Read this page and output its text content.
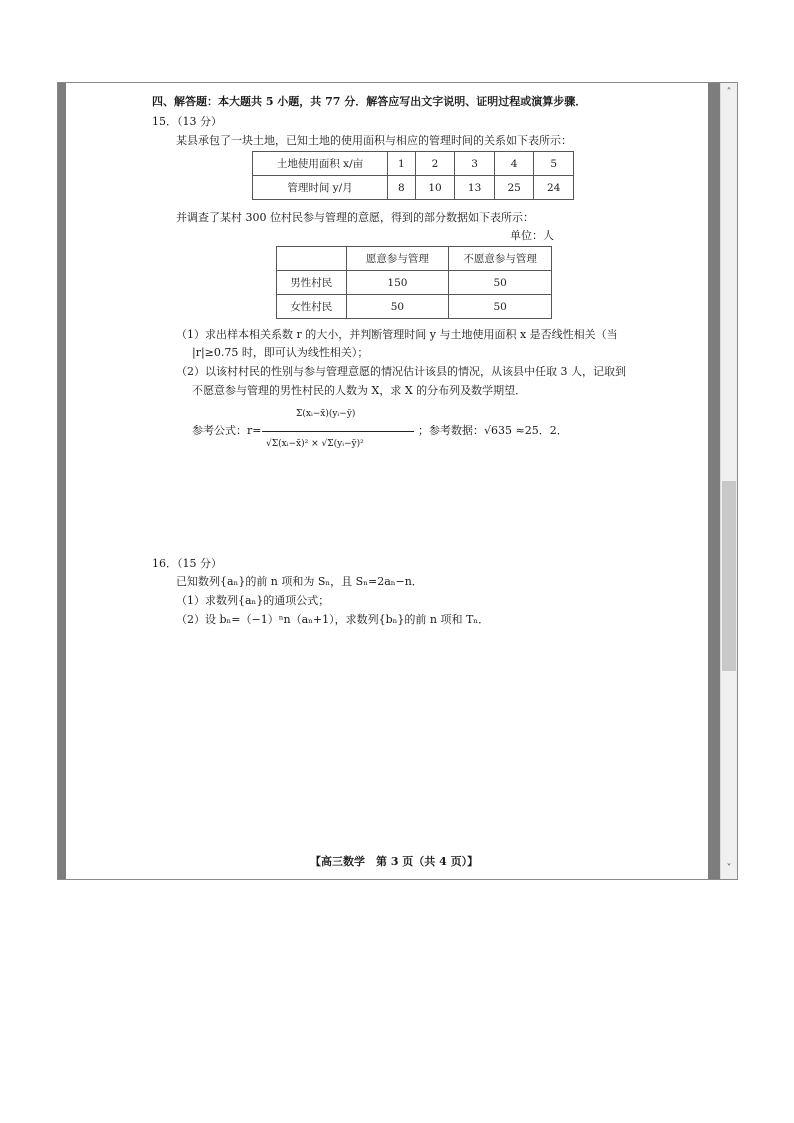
四、解答题：本大题共 5 小题，共 77 分．解答应写出文字说明、证明过程或演算步骤．
15．（13 分）
某县承包了一块土地，已知土地的使用面积与相应的管理时间的关系如下表所示：
土地使用面积 x/亩	1	2	3	4	5
管理时间 y/月	8	10	13	25	24
并调查了某村 300 位村民参与管理的意愿，得到的部分数据如下表所示：
单位：人
	愿意参与管理	不愿意参与管理
男性村民	150	50
女性村民	50	50
（1）求出样本相关系数 r 的大小，并判断管理时间 y 与土地使用面积 x 是否线性相关（当
|r|≥0.75 时，即可认为线性相关）；
（2）以该村村民的性别与参与管理意愿的情况估计该县的情况，从该县中任取 3 人，记取到
不愿意参与管理的男性村民的人数为 X，求 X 的分布列及数学期望．
参考公式：r=
Σ(xᵢ−x̄)(yᵢ−ȳ)
√Σ(xᵢ−x̄)² × √Σ(yᵢ−ȳ)²
；参考数据：√635 ≈25．2．
16．（15 分）
已知数列{aₙ}的前 n 项和为 Sₙ，且 Sₙ=2aₙ−n．
（1）求数列{aₙ}的通项公式；
（2）设 bₙ=（−1）ⁿn（aₙ+1），求数列{bₙ}的前 n 项和 Tₙ．
【高三数学　第 3 页（共 4 页）】
˄
˅
